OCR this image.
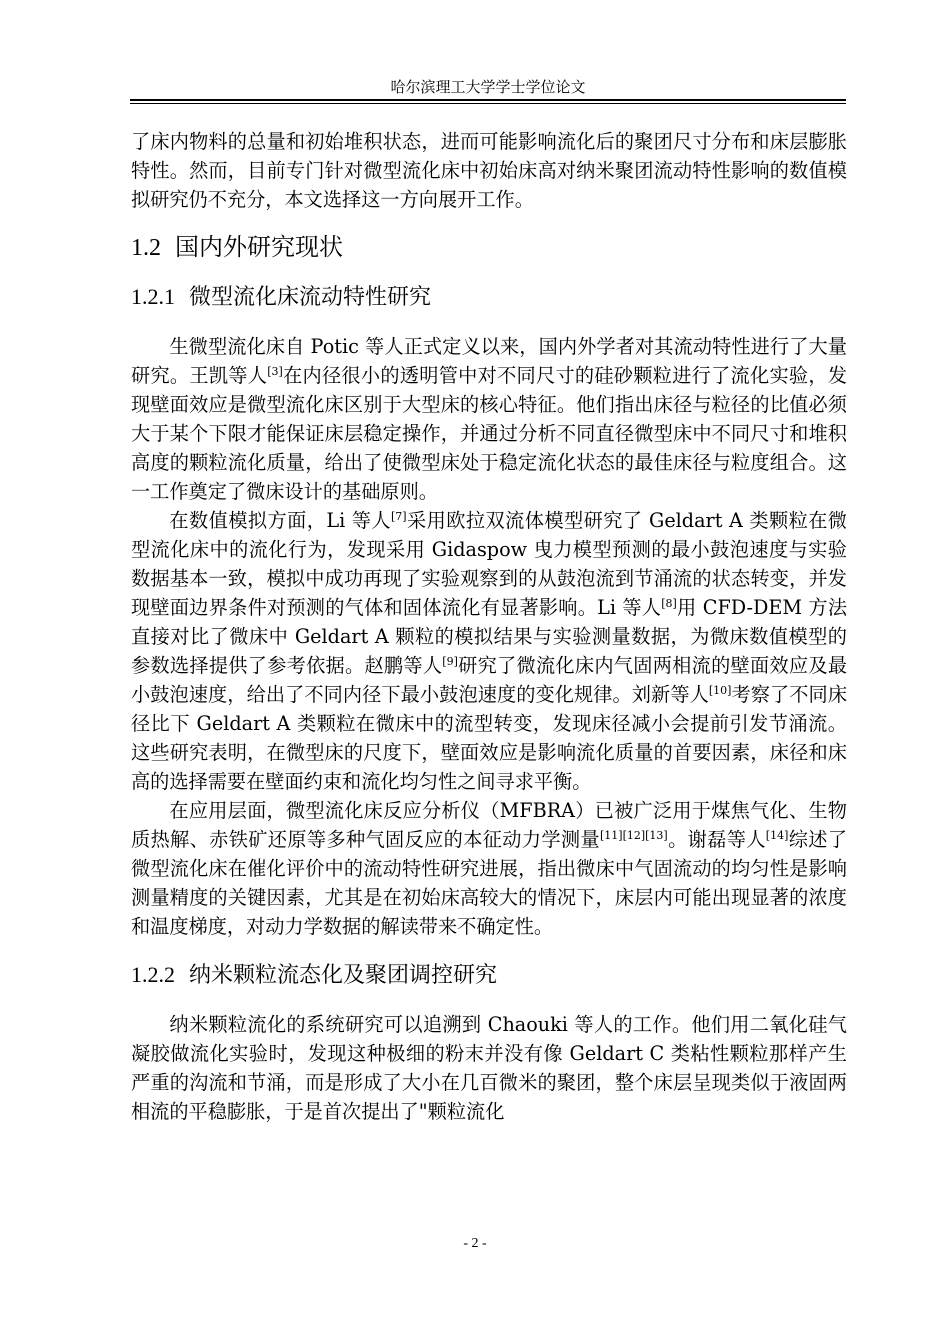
哈尔滨理工大学学士学位论文

了床内物料的总量和初始堆积状态，进而可能影响流化后的聚团尺寸分布和床层膨胀特性。然而，目前专门针对微型流化床中初始床高对纳米聚团流动特性影响的数值模拟研究仍不充分，本文选择这一方向展开工作。

1.2 国内外研究现状
1.2.1 微型流化床流动特性研究

生微型流化床自 Potic 等人正式定义以来，国内外学者对其流动特性进行了大量研究。王凯等人[3]在内径很小的透明管中对不同尺寸的硅砂颗粒进行了流化实验，发现壁面效应是微型流化床区别于大型床的核心特征。他们指出床径与粒径的比值必须大于某个下限才能保证床层稳定操作，并通过分析不同直径微型床中不同尺寸和堆积高度的颗粒流化质量，给出了使微型床处于稳定流化状态的最佳床径与粒度组合。这一工作奠定了微床设计的基础原则。

在数值模拟方面，Li 等人[7]采用欧拉双流体模型研究了 Geldart A 类颗粒在微型流化床中的流化行为，发现采用 Gidaspow 曳力模型预测的最小鼓泡速度与实验数据基本一致，模拟中成功再现了实验观察到的从鼓泡流到节涌流的状态转变，并发现壁面边界条件对预测的气体和固体流化有显著影响。Li 等人[8]用 CFD-DEM 方法直接对比了微床中 Geldart A 颗粒的模拟结果与实验测量数据，为微床数值模型的参数选择提供了参考依据。赵鹏等人[9]研究了微流化床内气固两相流的壁面效应及最小鼓泡速度，给出了不同内径下最小鼓泡速度的变化规律。刘新等人[10]考察了不同床径比下 Geldart A 类颗粒在微床中的流型转变，发现床径减小会提前引发节涌流。这些研究表明，在微型床的尺度下，壁面效应是影响流化质量的首要因素，床径和床高的选择需要在壁面约束和流化均匀性之间寻求平衡。

在应用层面，微型流化床反应分析仪（MFBRA）已被广泛用于煤焦气化、生物质热解、赤铁矿还原等多种气固反应的本征动力学测量[11][12][13]。谢磊等人[14]综述了微型流化床在催化评价中的流动特性研究进展，指出微床中气固流动的均匀性是影响测量精度的关键因素，尤其是在初始床高较大的情况下，床层内可能出现显著的浓度和温度梯度，对动力学数据的解读带来不确定性。

1.2.2 纳米颗粒流态化及聚团调控研究

纳米颗粒流化的系统研究可以追溯到 Chaouki 等人的工作。他们用二氧化硅气凝胶做流化实验时，发现这种极细的粉末并没有像 Geldart C 类粘性颗粒那样产生严重的沟流和节涌，而是形成了大小在几百微米的聚团，整个床层呈现类似于液固两相流的平稳膨胀，于是首次提出了"颗粒流化

- 2 -
